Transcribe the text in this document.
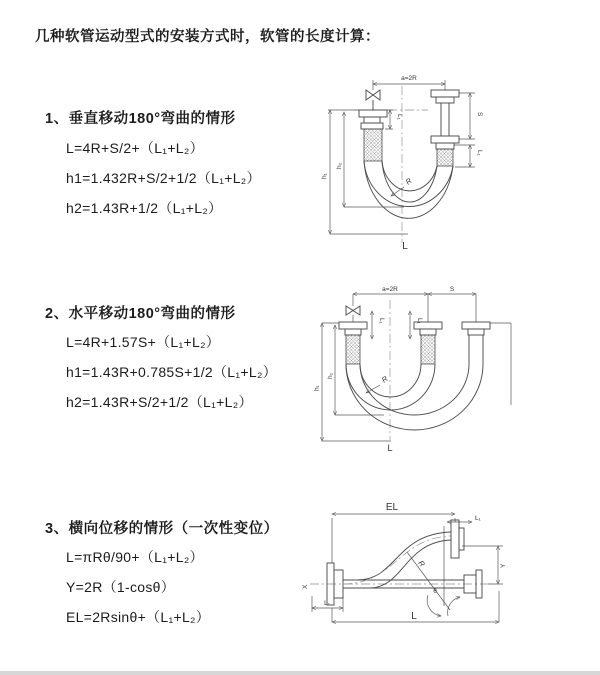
几种软管运动型式的安装方式时，软管的长度计算：
1、垂直移动180°弯曲的情形
L=4R+S/2+（L₁+L₂）
h1=1.432R+S/2+1/2（L₁+L₂）
h2=1.43R+1/2（L₁+L₂）
a=2R
h₁
h₂
L₁	S
L₁
R
L
2、水平移动180°弯曲的情形
L=4R+1.57S+（L₁+L₂）
h1=1.43R+0.785S+1/2（L₁+L₂）
h2=1.43R+S/2+1/2（L₁+L₂）
a=2R	S
h₁
h₂
L₁	L₁
R
L
3、横向位移的情形（一次性变位）
L=πRθ/90+（L₁+L₂）
Y=2R（1-cosθ）
EL=2Rsinθ+（L₁+L₂）
X
EL
L₁
L₁
L
Y
R
θ
